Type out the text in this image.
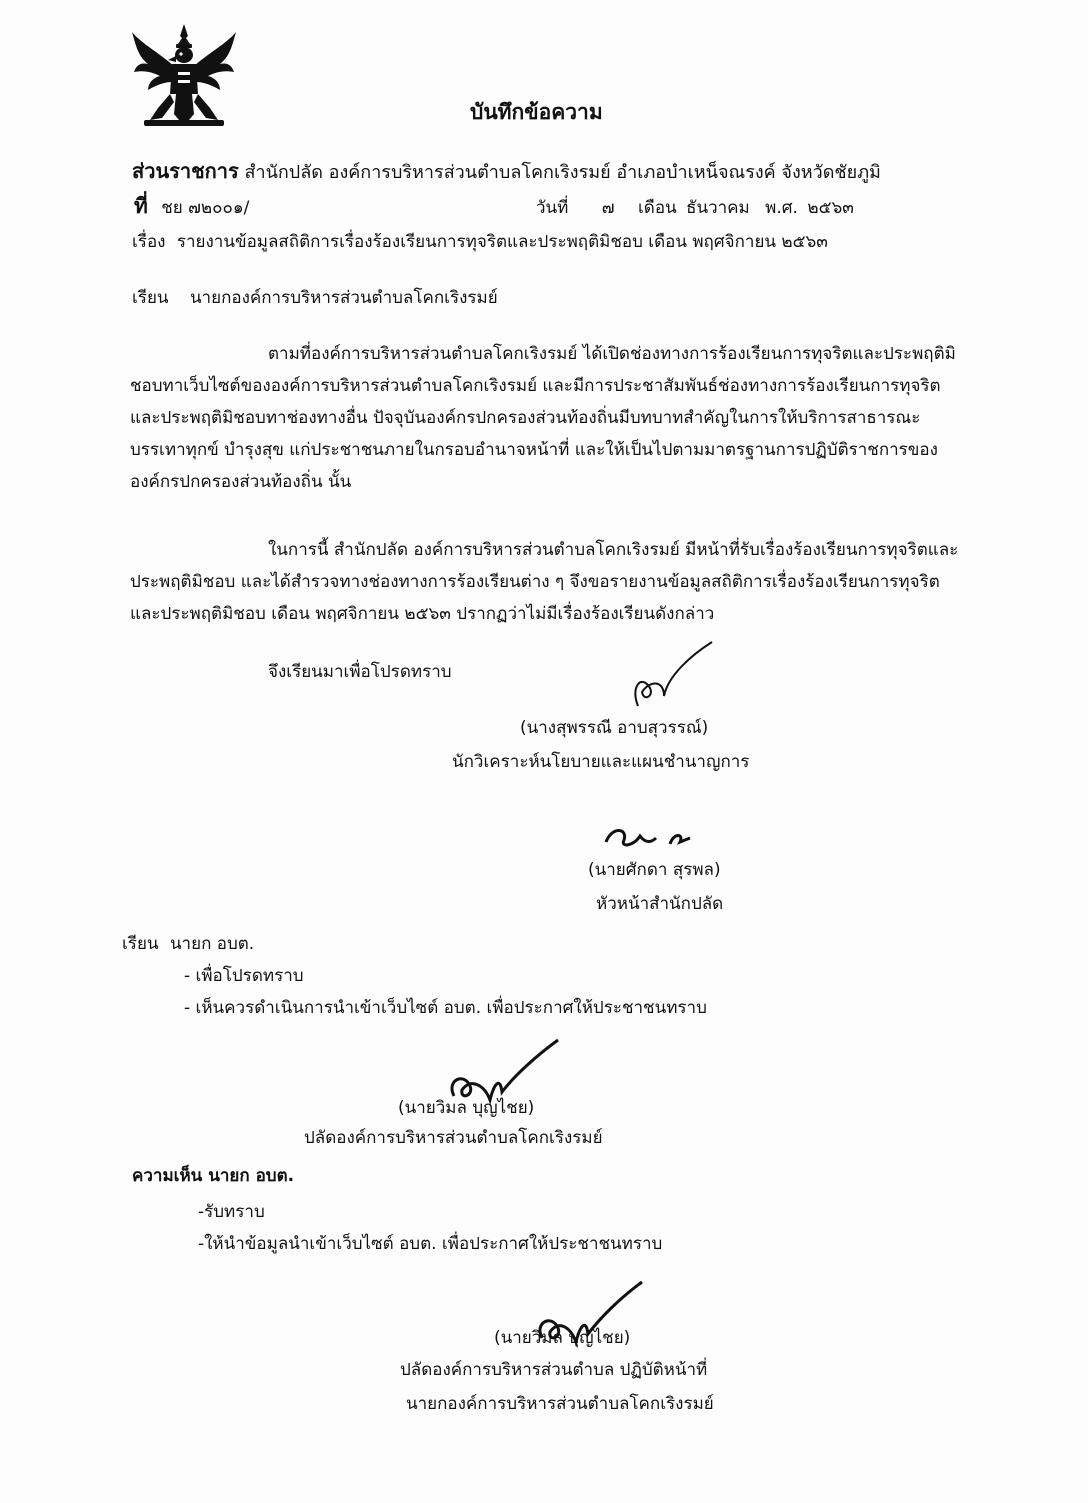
บันทึกข้อความ
ส่วนราชการ สำนักปลัด องค์การบริหารส่วนตำบลโคกเริงรมย์ อำเภอบำเหน็จณรงค์ จังหวัดชัยภูมิ
ที่ ชย ๗๒๐๐๑/	วันที่ ๗ เดือน ธันวาคม พ.ศ. ๒๕๖๓
เรื่อง รายงานข้อมูลสถิติการเรื่องร้องเรียนการทุจริตและประพฤติมิชอบ เดือน พฤศจิกายน ๒๕๖๓
เรียน นายกองค์การบริหารส่วนตำบลโคกเริงรมย์
ตามที่องค์การบริหารส่วนตำบลโคกเริงรมย์ ได้เปิดช่องทางการร้องเรียนการทุจริตและประพฤติมิ
ชอบทาเว็บไซต์ขององค์การบริหารส่วนตำบลโคกเริงรมย์ และมีการประชาสัมพันธ์ช่องทางการร้องเรียนการทุจริต
และประพฤติมิชอบทาช่องทางอื่น ปัจจุบันองค์กรปกครองส่วนท้องถิ่นมีบทบาทสำคัญในการให้บริการสาธารณะ
บรรเทาทุกข์ บำรุงสุข แก่ประชาชนภายในกรอบอำนาจหน้าที่ และให้เป็นไปตามมาตรฐานการปฏิบัติราชการของ
องค์กรปกครองส่วนท้องถิ่น นั้น
ในการนี้ สำนักปลัด องค์การบริหารส่วนตำบลโคกเริงรมย์ มีหน้าที่รับเรื่องร้องเรียนการทุจริตและ
ประพฤติมิชอบ และได้สำรวจทางช่องทางการร้องเรียนต่าง ๆ จึงขอรายงานข้อมูลสถิติการเรื่องร้องเรียนการทุจริต
และประพฤติมิชอบ เดือน พฤศจิกายน ๒๕๖๓ ปรากฏว่าไม่มีเรื่องร้องเรียนดังกล่าว
จึงเรียนมาเพื่อโปรดทราบ
(นางสุพรรณี อาบสุวรรณ์)
นักวิเคราะห์นโยบายและแผนชำนาญการ
(นายศักดา สุรพล)
หัวหน้าสำนักปลัด
เรียน นายก อบต.
- เพื่อโปรดทราบ
- เห็นควรดำเนินการนำเข้าเว็บไซต์ อบต. เพื่อประกาศให้ประชาชนทราบ
(นายวิมล บุญไชย)
ปลัดองค์การบริหารส่วนตำบลโคกเริงรมย์
ความเห็น นายก อบต.
-รับทราบ
-ให้นำข้อมูลนำเข้าเว็บไซต์ อบต. เพื่อประกาศให้ประชาชนทราบ
(นายวิมล บุญไชย)
ปลัดองค์การบริหารส่วนตำบล ปฏิบัติหน้าที่
นายกองค์การบริหารส่วนตำบลโคกเริงรมย์
